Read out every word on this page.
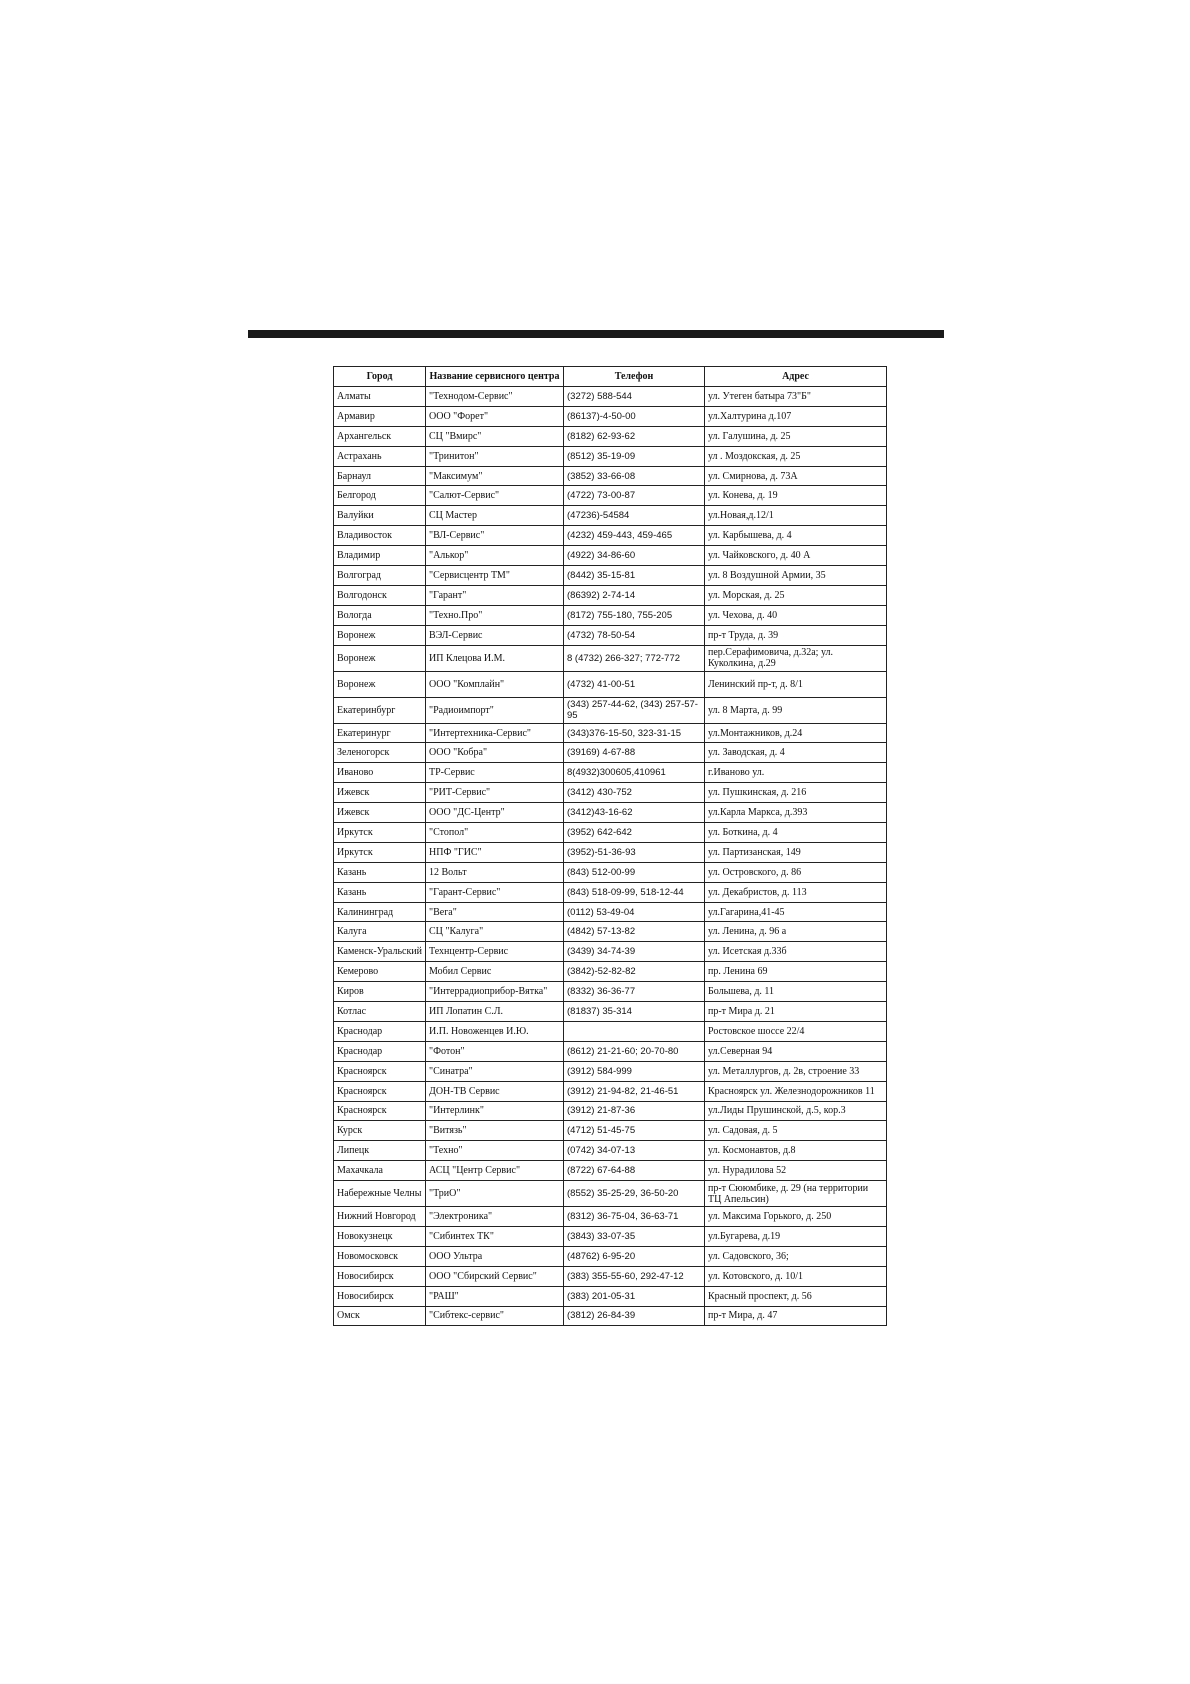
Город	Название сервисного центра	Телефон	Адрес
Алматы	"Технодом-Сервис"	(3272) 588-544	ул. Утеген батыра 73"Б"
Армавир	ООО "Форет"	(86137)-4-50-00	ул.Халтурина д.107
Архангельск	СЦ "Вмирс"	(8182) 62-93-62	ул. Галушина, д. 25
Астрахань	"Тринитон"	(8512) 35-19-09	ул . Моздокская, д. 25
Барнаул	"Максимум"	(3852) 33-66-08	ул. Смирнова, д. 73А
Белгород	"Салют-Сервис"	(4722) 73-00-87	ул. Конева, д. 19
Валуйки	СЦ Мастер	(47236)-54584	ул.Новая,д.12/1
Владивосток	"ВЛ-Сервис"	(4232) 459-443, 459-465	ул. Карбышева, д. 4
Владимир	"Алькор"	(4922) 34-86-60	ул. Чайковского, д. 40 А
Волгоград	"Сервисцентр ТМ"	(8442) 35-15-81	ул. 8 Воздушной Армии, 35
Волгодонск	"Гарант"	(86392) 2-74-14	ул. Морская, д. 25
Вологда	"Техно.Про"	(8172) 755-180, 755-205	ул. Чехова, д. 40
Воронеж	ВЭЛ-Сервис	(4732) 78-50-54	пр-т Труда, д. 39
Воронеж	ИП Клецова И.М.	8 (4732) 266-327; 772-772	пер.Серафимовича, д.32а; ул. Куколкина, д.29
Воронеж	ООО "Комплайн"	(4732) 41-00-51	Ленинский пр-т, д. 8/1
Екатеринбург	"Радиоимпорт"	(343) 257-44-62, (343) 257-57-95	ул. 8 Марта, д. 99
Екатеринург	"Интертехника-Сервис"	(343)376-15-50, 323-31-15	ул.Монтажников, д.24
Зеленогорск	ООО "Кобра"	(39169) 4-67-88	ул. Заводская, д. 4
Иваново	ТР-Сервис	8(4932)300605,410961	г.Иваново ул.
Ижевск	"РИТ-Сервис"	(3412) 430-752	ул. Пушкинская, д. 216
Ижевск	ООО "ДС-Центр"	(3412)43-16-62	ул.Карла Маркса, д.393
Иркутск	"Стопол"	(3952) 642-642	ул. Боткина, д. 4
Иркутск	НПФ "ГИС"	(3952)-51-36-93	ул. Партизанская, 149
Казань	12 Вольт	(843) 512-00-99	ул. Островского, д. 86
Казань	"Гарант-Сервис"	(843) 518-09-99, 518-12-44	ул. Декабристов, д. 113
Калининград	"Вега"	(0112) 53-49-04	ул.Гагарина,41-45
Калуга	СЦ "Калуга"	(4842) 57-13-82	ул. Ленина, д. 96 а
Каменск-Уральский	Технцентр-Сервис	(3439) 34-74-39	ул. Исетская д.33б
Кемерово	Мобил Сервис	(3842)-52-82-82	пр. Ленина 69
Киров	"Интеррадиоприбор-Вятка"	(8332) 36-36-77	Большева, д. 11
Котлас	ИП Лопатин С.Л.	(81837) 35-314	пр-т Мира д. 21
Краснодар	И.П. Новоженцев И.Ю.		Ростовское шоссе 22/4
Краснодар	"Фотон"	(8612) 21-21-60; 20-70-80	ул.Северная 94
Красноярск	"Синатра"	(3912) 584-999	ул. Металлургов, д. 2в, строение 33
Красноярск	ДОН-ТВ Сервис	(3912) 21-94-82, 21-46-51	Красноярск ул. Железнодорожников 11
Красноярск	"Интерлинк"	(3912) 21-87-36	ул.Лиды Прушинской, д.5, кор.3
Курск	"Витязь"	(4712) 51-45-75	ул. Садовая, д. 5
Липецк	"Техно"	(0742) 34-07-13	ул. Космонавтов, д.8
Махачкала	АСЦ "Центр Сервис"	(8722) 67-64-88	ул. Нурадилова 52
Набережные Челны	"ТриО"	(8552) 35-25-29, 36-50-20	пр-т Сююмбике, д. 29 (на территории ТЦ Апельсин)
Нижний Новгород	"Электроника"	(8312) 36-75-04, 36-63-71	ул. Максима Горького, д. 250
Новокузнецк	"Сибинтех ТК"	(3843) 33-07-35	ул.Бугарева, д.19
Новомосковск	ООО Ультра	(48762) 6-95-20	ул. Садовского, 36;
Новосибирск	ООО "Сбирский Сервис"	(383) 355-55-60, 292-47-12	ул. Котовского, д. 10/1
Новосибирск	"РАШ"	(383) 201-05-31	Красный проспект, д. 56
Омск	"Сибтекс-сервис"	(3812) 26-84-39	пр-т Мира, д. 47
